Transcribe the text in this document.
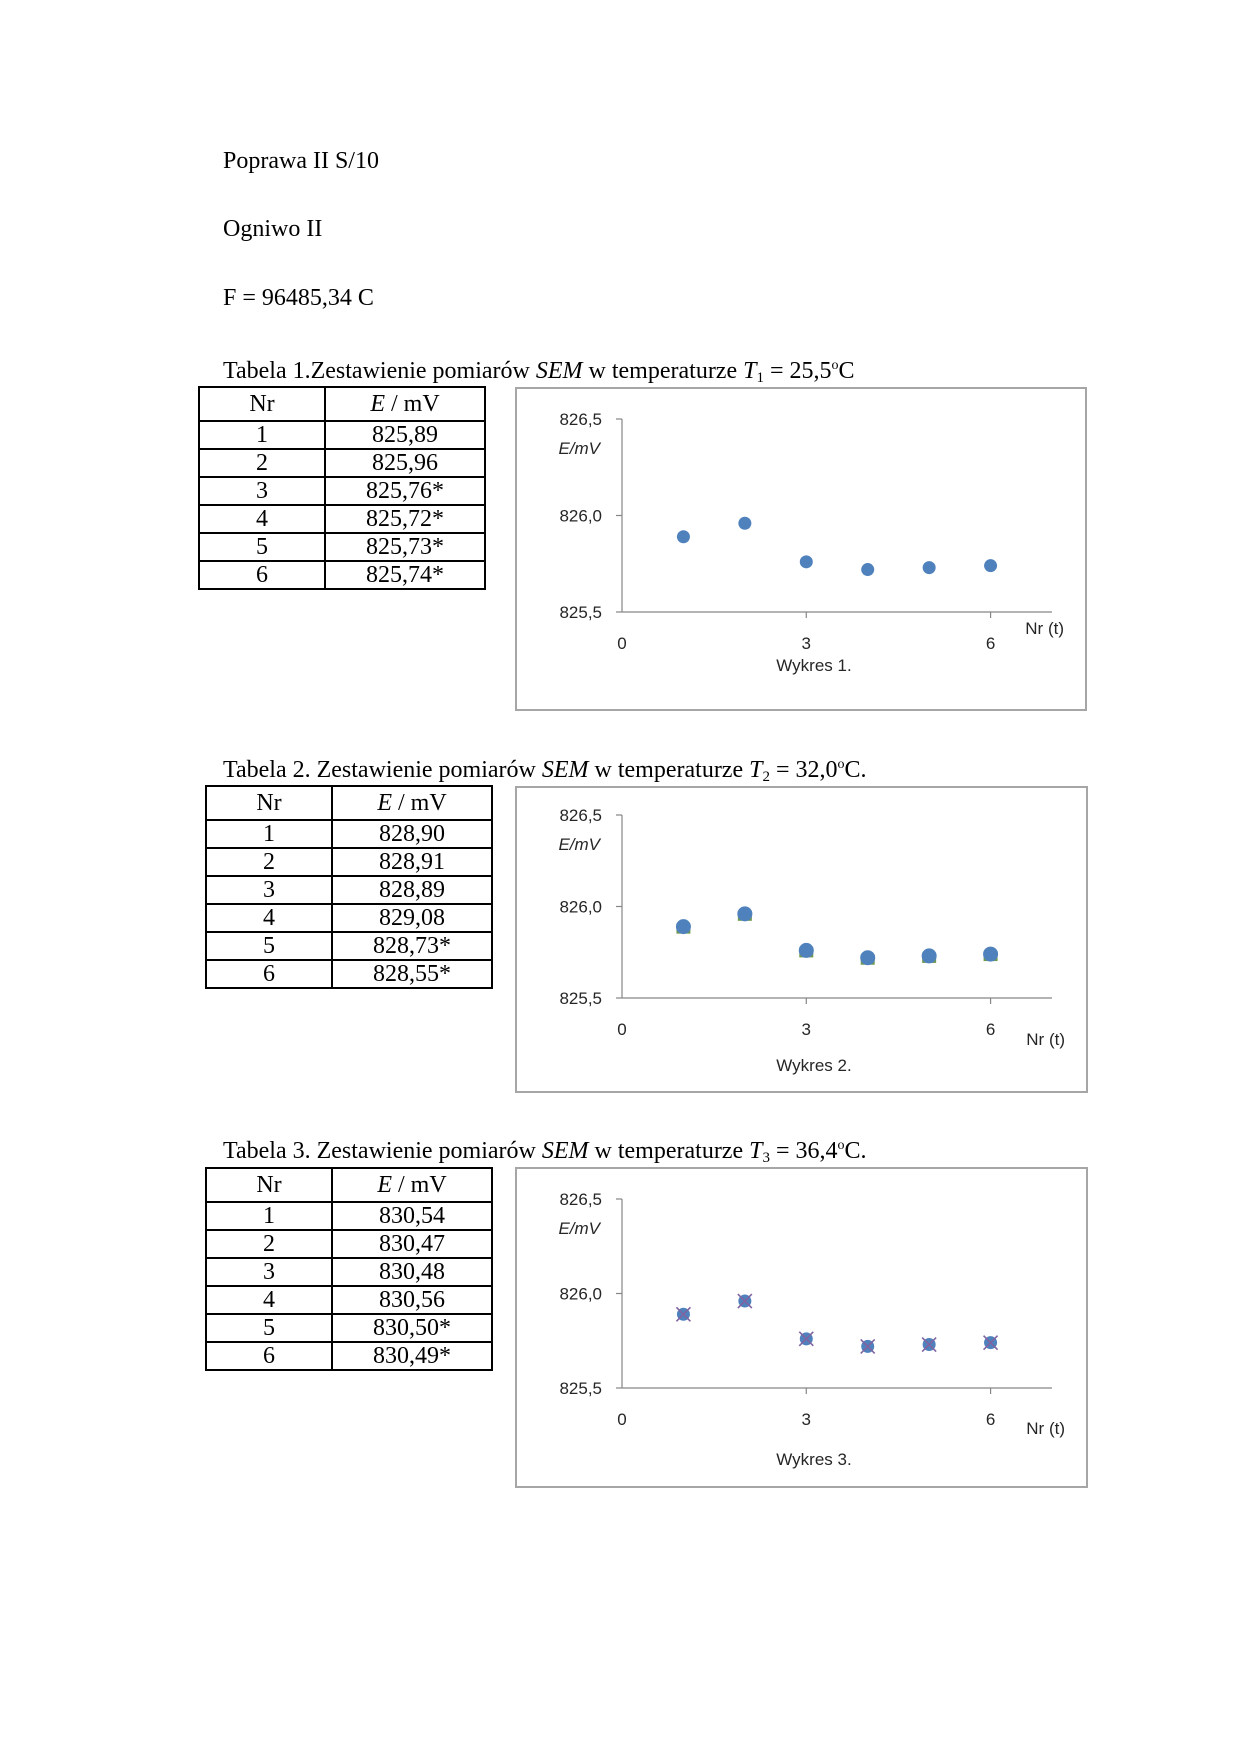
Poprawa II S/10
Ogniwo II
F = 96485,34 C
Tabela 1.Zestawienie pomiarów SEM w temperaturze $T_1 = 25,5^oC$
Nr	E / mV
1	825,89
2	825,96
3	825,76*
4	825,72*
5	825,73*
6	825,74*
826,5
826,0
825,5
0	3	6
E/mV
Nr (t)
Wykres 1.
Tabela 2. Zestawienie pomiarów SEM w temperaturze $T_2 = 32,0^oC$.
Nr	E / mV
1	828,90
2	828,91
3	828,89
4	829,08
5	828,73*
6	828,55*
826,5
826,0
825,5
0	3	6
E/mV
Nr (t)
Wykres 2.
Tabela 3. Zestawienie pomiarów SEM w temperaturze $T_3 = 36,4^oC$.
Nr	E / mV
1	830,54
2	830,47
3	830,48
4	830,56
5	830,50*
6	830,49*
826,5
826,0
825,5
0	3	6
E/mV
Nr (t)
Wykres 3.
